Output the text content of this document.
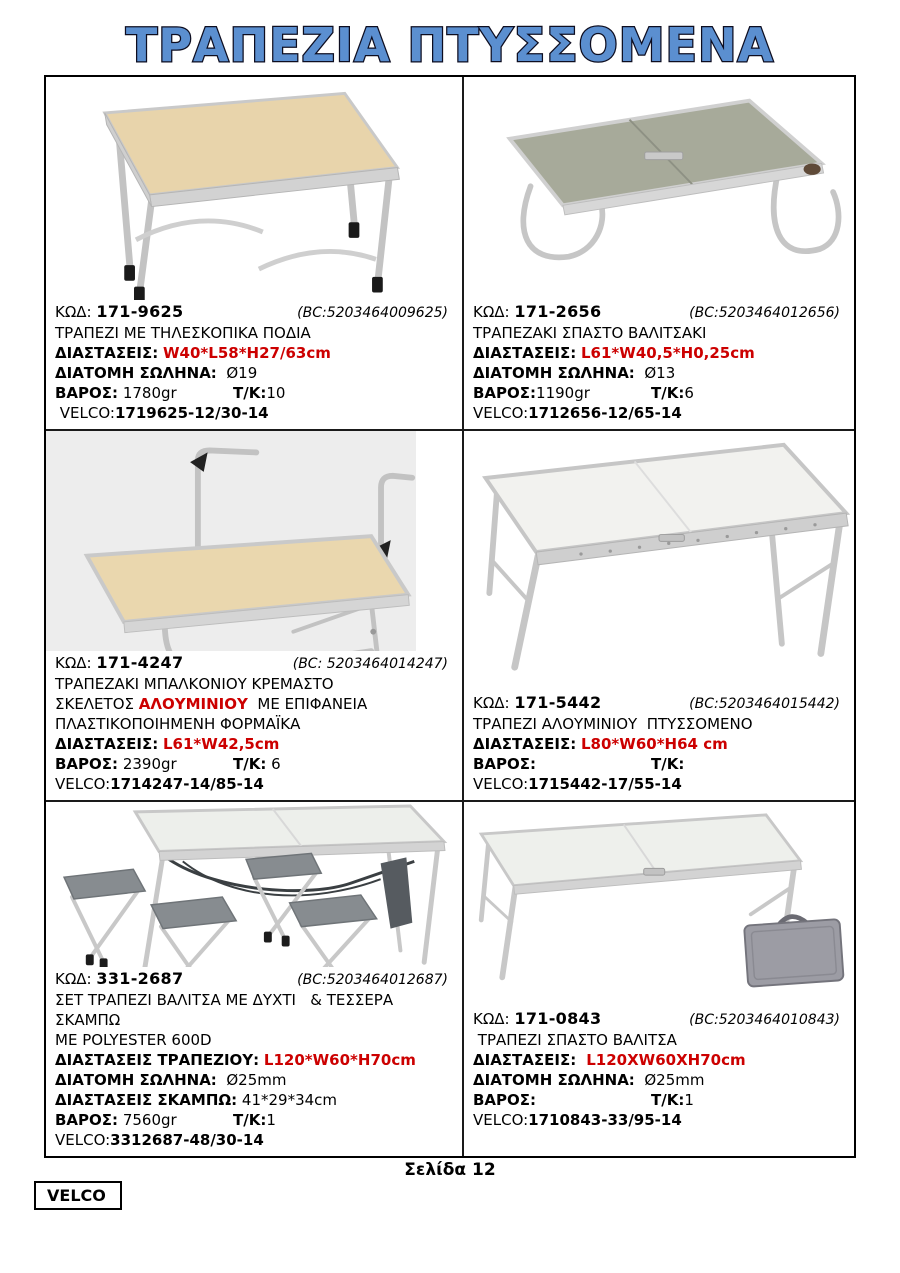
ΤΡΑΠΕΖΙΑ ΠΤΥΣΣΟΜΕΝΑ
ΚΩΔ: 171-9625	(BC:5203464009625)
ΤΡΑΠΕΖΙ ΜΕ ΤΗΛΕΣΚΟΠΙΚΑ ΠΟΔΙΑ
ΔΙΑΣΤΑΣΕΙΣ: W40*L58*H27/63cm
ΔΙΑΤΟΜΗ ΣΩΛΗΝΑ: Ø19
ΒΑΡΟΣ: 1780gr	Τ/Κ:10
VELCO:1719625-12/30-14
ΚΩΔ: 171-2656	(BC:5203464012656)
ΤΡΑΠΕΖΑΚΙ ΣΠΑΣΤΟ ΒΑΛΙΤΣΑΚΙ
ΔΙΑΣΤΑΣΕΙΣ: L61*W40,5*H0,25cm
ΔΙΑΤΟΜΗ ΣΩΛΗΝΑ: Ø13
ΒΑΡΟΣ:1190gr	Τ/Κ:6
VELCO:1712656-12/65-14
ΚΩΔ: 171-4247	(BC: 5203464014247)
ΤΡΑΠΕΖΑΚΙ ΜΠΑΛΚΟΝΙΟΥ ΚΡΕΜΑΣΤΟ
ΣΚΕΛΕΤΟΣ ΑΛΟΥΜΙΝΙΟΥ  ΜΕ ΕΠΙΦΑΝΕΙΑ
ΠΛΑΣΤΙΚΟΠΟΙΗΜΕΝΗ ΦΟΡΜΑΪΚΑ
ΔΙΑΣΤΑΣΕΙΣ: L61*W42,5cm
ΒΑΡΟΣ: 2390gr	Τ/Κ: 6
VELCO:1714247-14/85-14
ΚΩΔ: 171-5442	(BC:5203464015442)
ΤΡΑΠΕΖΙ ΑΛΟΥΜΙΝΙΟΥ  ΠΤΥΣΣΟΜΕΝΟ
ΔΙΑΣΤΑΣΕΙΣ: L80*W60*H64 cm
ΒΑΡΟΣ:	Τ/Κ:
VELCO:1715442-17/55-14
ΚΩΔ: 331-2687	(BC:5203464012687)
ΣΕΤ ΤΡΑΠΕΖΙ ΒΑΛΙΤΣΑ ΜΕ ΔΥΧΤΙ   & ΤΕΣΣΕΡΑ  ΣΚΑΜΠΩ
ΜΕ POLYESTER 600D
ΔΙΑΣΤΑΣΕΙΣ ΤΡΑΠΕΖΙΟΥ: L120*W60*H70cm
ΔΙΑΤΟΜΗ ΣΩΛΗΝΑ: Ø25mm
ΔΙΑΣΤΑΣΕΙΣ ΣΚΑΜΠΩ: 41*29*34cm
ΒΑΡΟΣ: 7560gr	Τ/Κ:1
VELCO:3312687-48/30-14
ΚΩΔ: 171-0843	(BC:5203464010843)
ΤΡΑΠΕΖΙ ΣΠΑΣΤΟ ΒΑΛΙΤΣΑ
ΔΙΑΣΤΑΣΕΙΣ:  L120XW60XH70cm
ΔΙΑΤΟΜΗ ΣΩΛΗΝΑ: Ø25mm
ΒΑΡΟΣ:	Τ/Κ:1
VELCO:1710843-33/95-14
Σελίδα 12
VELCO
